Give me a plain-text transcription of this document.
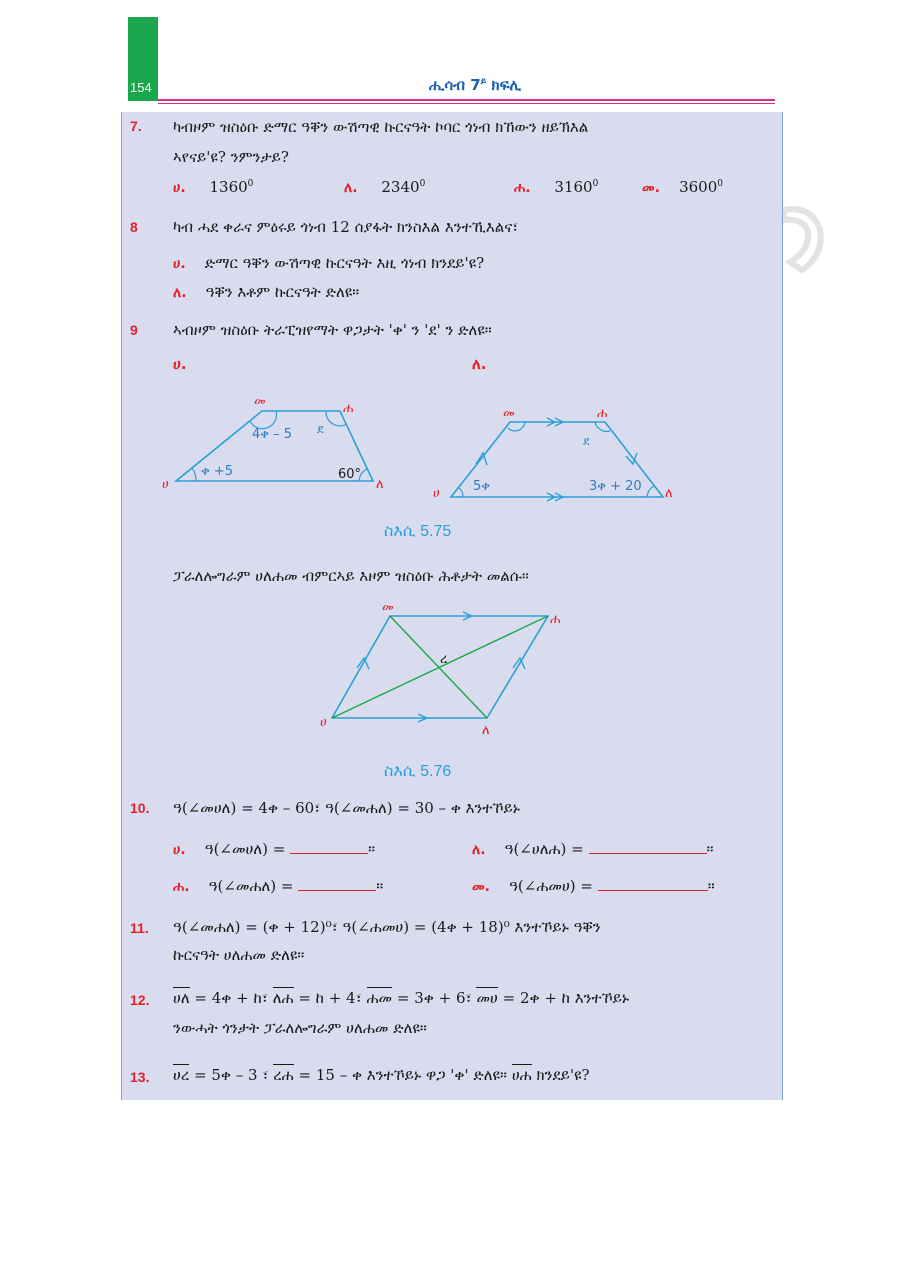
154	ሒሳብ $7^ይ$ ክፍሊ
7. ካብዞም ዝስዕቡ ድማር ዓቐን ውሽጣዊ ኩርናዓት ኮባር ጎነብ ክኸውን ዘይኽእል
ኣየናይ'ዩ? ንምንታይ?
ሀ. 1360$^0$	ለ. 2340$^0$	ሐ. 3160$^0$	መ. 3600$^0$
8 ካብ ሓደ ቀራና ምዕሩይ ጎነብ 12 ሰያፋት ክንስእል እንተኺእልና፣
ሀ. ድማር ዓቐን ውሽጣዊ ኩርናዓት እዚ ጎነብ ክንደይ'ዩ?
ለ. ዓቐን እቶም ኩርናዓት ድለዩ።
9 ኣብዞም ዝስዕቡ ትራፒዝየማት ዋጋታት 'ቀ' ን 'ደ' ን ድለዩ።
ሀ.	ለ.
መ	ሐ
ሀ	ለ
4ቀ – 5 ደ
ቀ +5	60°
መ	ሐ
ሀ	ለ
ደ
5ቀ	3ቀ + 20
ስእሲ 5.75
ፓራለሎግራም ሀለሐመ ብምርኣይ እዞም ዝስዕቡ ሕቶታት መልሱ።
መ
ሐ
ሀ
ለ
ረ
ስእሲ 5.76
10. ዓ(∠መሀለ) = 4ቀ – 60፣ ዓ(∠መሐለ) = 30 – ቀ እንተኾይኑ
ሀ. ዓ(∠መሀለ) =	።	ለ. ዓ(∠ሀለሐ) =	።
ሐ. ዓ(∠መሐለ) =	።	መ. ዓ(∠ሐመሀ) =	።
11. ዓ(∠መሐለ) = (ቀ + 12)⁰፣ ዓ(∠ሐመሀ) = (4ቀ + 18)⁰ እንተኾይኑ ዓቐን
ኩርናዓት ሀለሐመ ድለዩ።
12. ሀለ = 4ቀ + ከ፣ ለሐ = ከ + 4፣ ሐመ = 3ቀ + 6፣ መሀ = 2ቀ + ከ እንተኾይኑ
ንውሓት ጎንታት ፓራለሎግራም ሀለሐመ ድለዩ።
13. ሀረ = 5ቀ – 3 ፣ ረሐ = 15 – ቀ እንተኾይኑ ዋጋ 'ቀ' ድለዩ። ሀሐ ክንደይ'ዩ?
